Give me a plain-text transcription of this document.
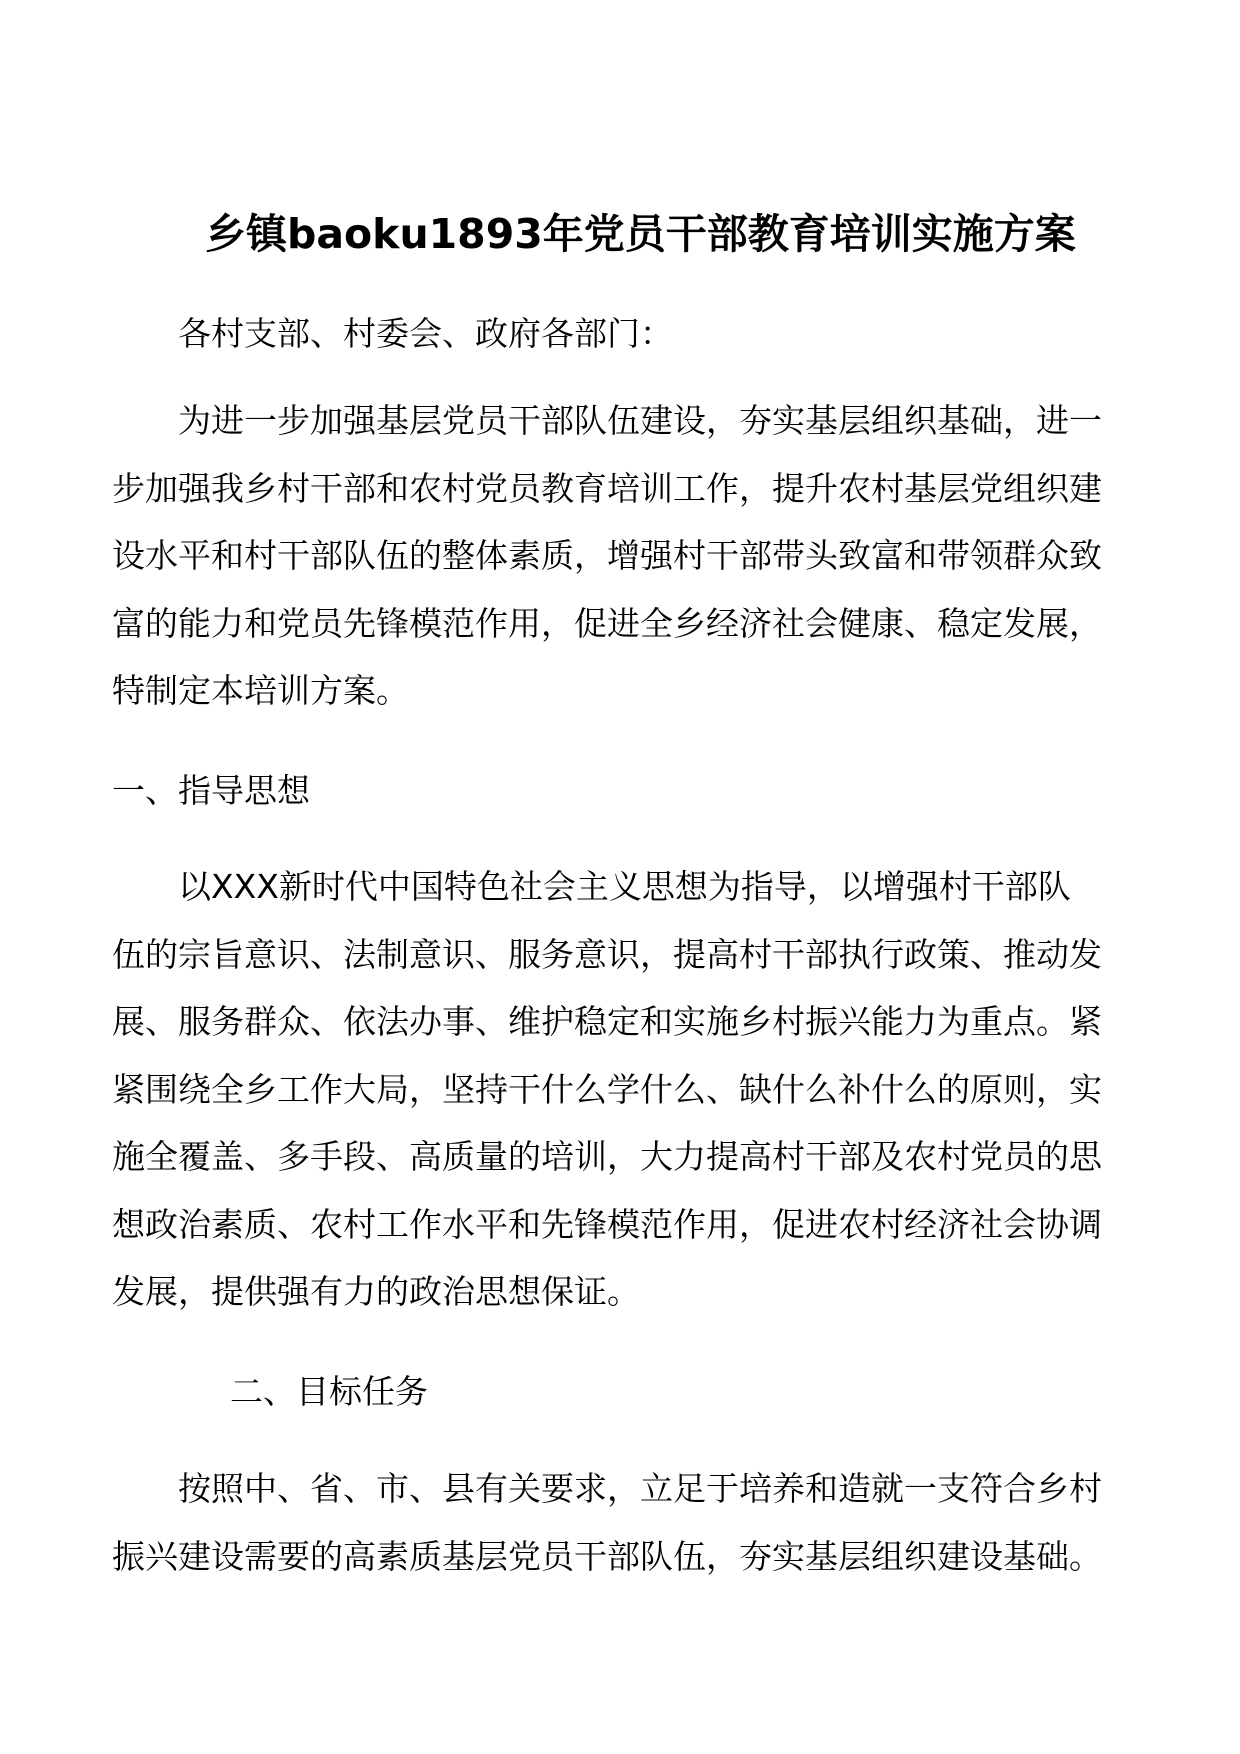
乡镇baoku1893年党员干部教育培训实施方案

各村支部、村委会、政府各部门：

为进一步加强基层党员干部队伍建设，夯实基层组织基础，进一
步加强我乡村干部和农村党员教育培训工作，提升农村基层党组织建
设水平和村干部队伍的整体素质，增强村干部带头致富和带领群众致
富的能力和党员先锋模范作用，促进全乡经济社会健康、稳定发展，
特制定本培训方案。

一、指导思想

以XXX新时代中国特色社会主义思想为指导，以增强村干部队
伍的宗旨意识、法制意识、服务意识，提高村干部执行政策、推动发
展、服务群众、依法办事、维护稳定和实施乡村振兴能力为重点。紧
紧围绕全乡工作大局，坚持干什么学什么、缺什么补什么的原则，实
施全覆盖、多手段、高质量的培训，大力提高村干部及农村党员的思
想政治素质、农村工作水平和先锋模范作用，促进农村经济社会协调
发展，提供强有力的政治思想保证。

二、目标任务

按照中、省、市、县有关要求，立足于培养和造就一支符合乡村
振兴建设需要的高素质基层党员干部队伍，夯实基层组织建设基础。
